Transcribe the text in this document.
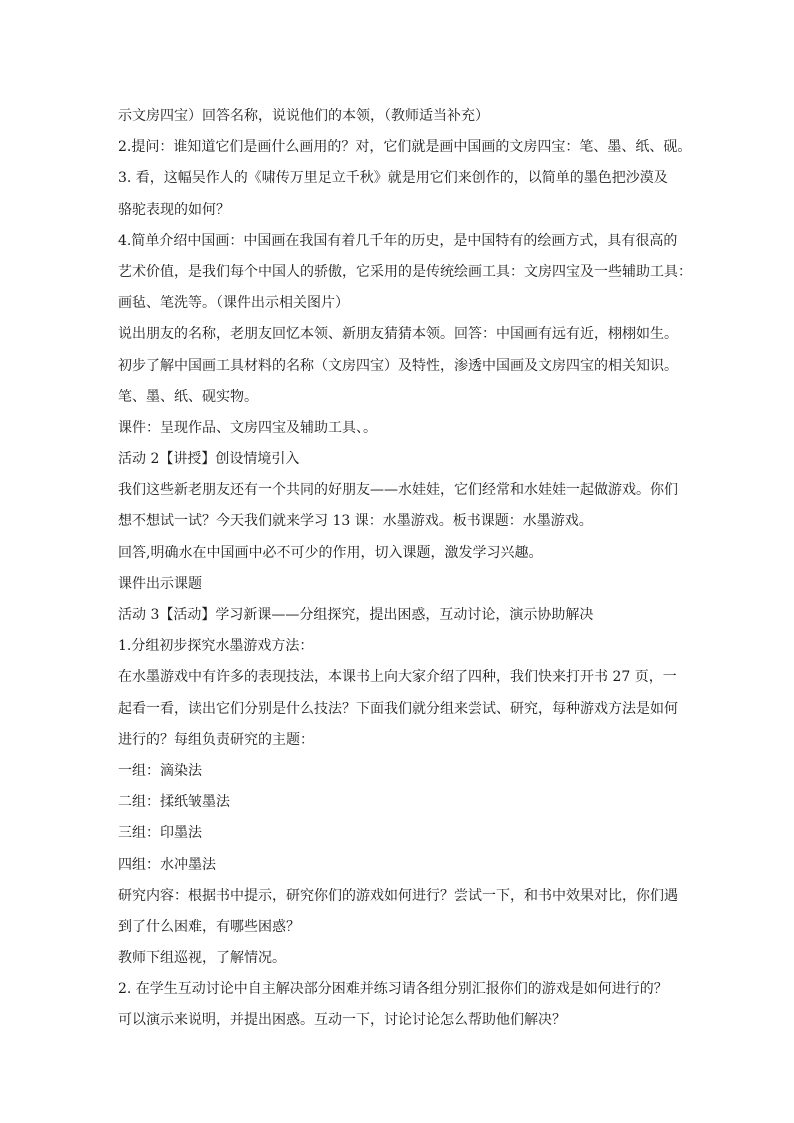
示文房四宝）回答名称，说说他们的本领，（教师适当补充）
2.提问：谁知道它们是画什么画用的？对，它们就是画中国画的文房四宝：笔、墨、纸、砚。
3. 看，这幅吴作人的《啸传万里足立千秋》就是用它们来创作的，以简单的墨色把沙漠及
骆驼表现的如何？
4.简单介绍中国画：中国画在我国有着几千年的历史，是中国特有的绘画方式，具有很高的
艺术价值，是我们每个中国人的骄傲，它采用的是传统绘画工具：文房四宝及一些辅助工具：
画毡、笔洗等。（课件出示相关图片）
说出朋友的名称，老朋友回忆本领、新朋友猜猜本领。回答：中国画有远有近，栩栩如生。
初步了解中国画工具材料的名称（文房四宝）及特性，渗透中国画及文房四宝的相关知识。
笔、墨、纸、砚实物。
课件：呈现作品、文房四宝及辅助工具、。
活动 2【讲授】创设情境引入
我们这些新老朋友还有一个共同的好朋友——水娃娃，它们经常和水娃娃一起做游戏。你们
想不想试一试？今天我们就来学习 13 课：水墨游戏。板书课题：水墨游戏。
回答,明确水在中国画中必不可少的作用，切入课题，激发学习兴趣。
课件出示课题
活动 3【活动】学习新课——分组探究，提出困惑，互动讨论，演示协助解决
1.分组初步探究水墨游戏方法：
在水墨游戏中有许多的表现技法，本课书上向大家介绍了四种，我们快来打开书 27 页，一
起看一看，读出它们分别是什么技法？下面我们就分组来尝试、研究，每种游戏方法是如何
进行的？每组负责研究的主题：
一组：滴染法
二组：揉纸皱墨法
三组：印墨法
四组：水冲墨法
研究内容：根据书中提示，研究你们的游戏如何进行？尝试一下，和书中效果对比，你们遇
到了什么困难，有哪些困惑？
教师下组巡视，了解情况。
2. 在学生互动讨论中自主解决部分困难并练习请各组分别汇报你们的游戏是如何进行的？
可以演示来说明，并提出困惑。互动一下，讨论讨论怎么帮助他们解决？
